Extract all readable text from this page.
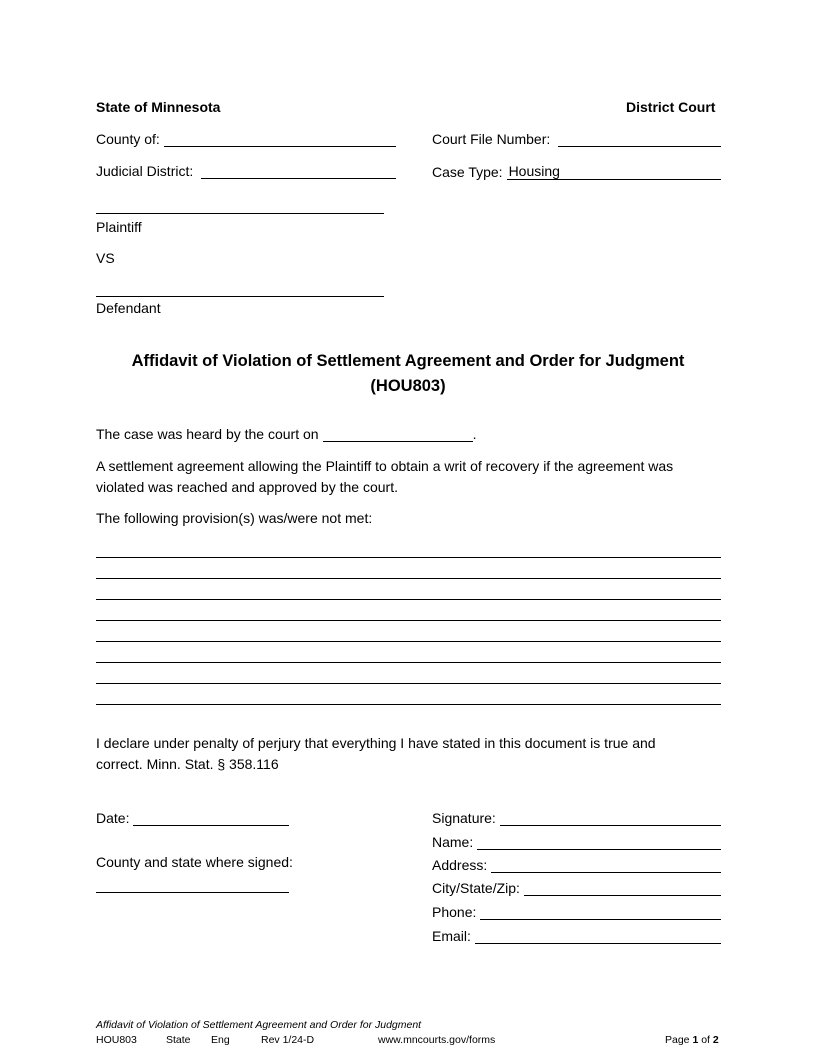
State of Minnesota	District Court
County of:	Court File Number:
Judicial District:	Case Type: Housing
Plaintiff
VS
Defendant
Affidavit of Violation of Settlement Agreement and Order for Judgment
(HOU803)
The case was heard by the court on	.
A settlement agreement allowing the Plaintiff to obtain a writ of recovery if the agreement was
violated was reached and approved by the court.
The following provision(s) was/were not met:
I declare under penalty of perjury that everything I have stated in this document is true and
correct. Minn. Stat. § 358.116
Date:
County and state where signed:
Signature:
Name:
Address:
City/State/Zip:
Phone:
Email:
Affidavit of Violation of Settlement Agreement and Order for Judgment
HOU803	State Eng	Rev 1/24-D	www.mncourts.gov/forms	Page 1 of 2
